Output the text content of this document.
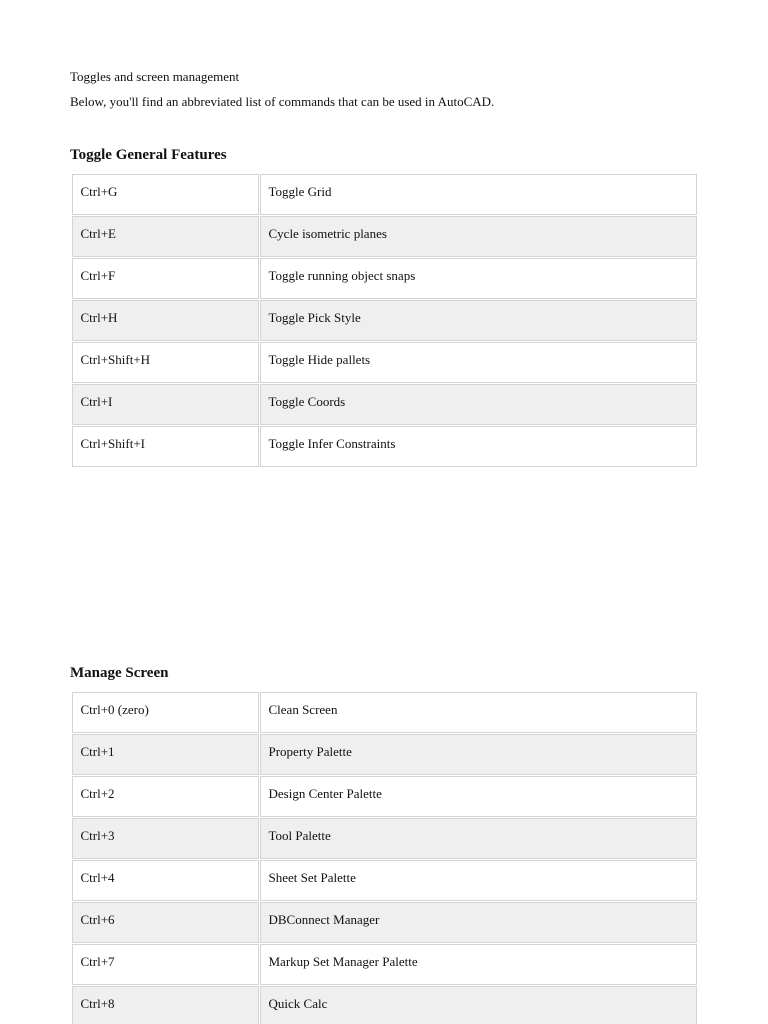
Toggles and screen management
Below, you'll find an abbreviated list of commands that can be used in AutoCAD.
Toggle General Features
Ctrl+G	Toggle Grid
Ctrl+E	Cycle isometric planes
Ctrl+F	Toggle running object snaps
Ctrl+H	Toggle Pick Style
Ctrl+Shift+H	Toggle Hide pallets
Ctrl+I	Toggle Coords
Ctrl+Shift+I	Toggle Infer Constraints
Manage Screen
Ctrl+0 (zero)	Clean Screen
Ctrl+1	Property Palette
Ctrl+2	Design Center Palette
Ctrl+3	Tool Palette
Ctrl+4	Sheet Set Palette
Ctrl+6	DBConnect Manager
Ctrl+7	Markup Set Manager Palette
Ctrl+8	Quick Calc
